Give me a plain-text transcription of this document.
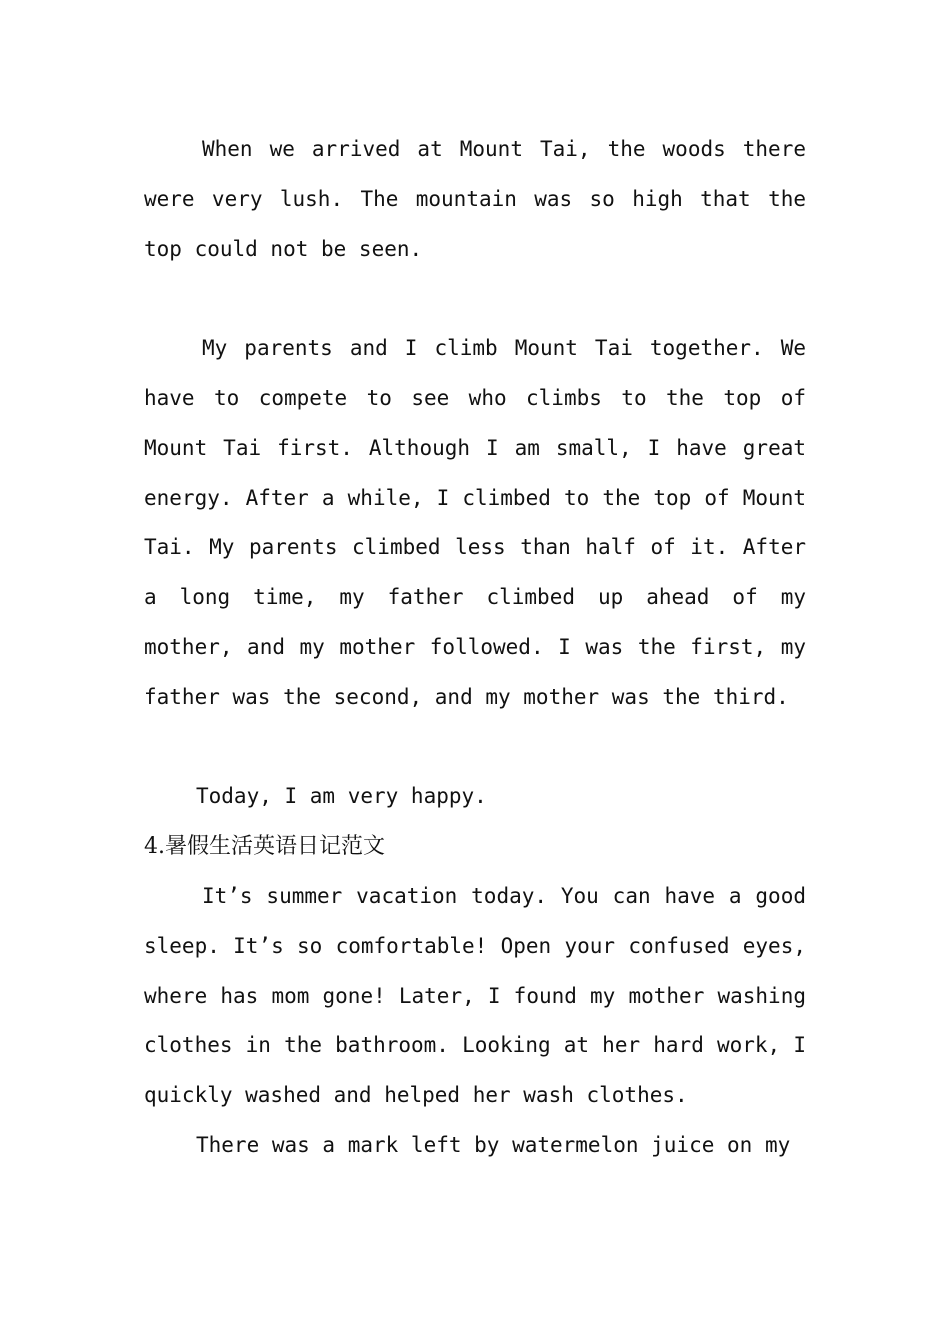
When we arrived at Mount Tai, the woods there were very lush. The mountain was so high that the top could not be seen.

My parents and I climb Mount Tai together. We have to compete to see who climbs to the top of Mount Tai first. Although I am small, I have great energy. After a while, I climbed to the top of Mount Tai. My parents climbed less than half of it. After a long time, my father climbed up ahead of my mother, and my mother followed. I was the first, my father was the second, and my mother was the third.

Today, I am very happy.

4.暑假生活英语日记范文

It’s summer vacation today. You can have a good sleep. It’s so comfortable! Open your confused eyes, where has mom gone! Later, I found my mother washing clothes in the bathroom. Looking at her hard work, I quickly washed and helped her wash clothes.

There was a mark left by watermelon juice on my
